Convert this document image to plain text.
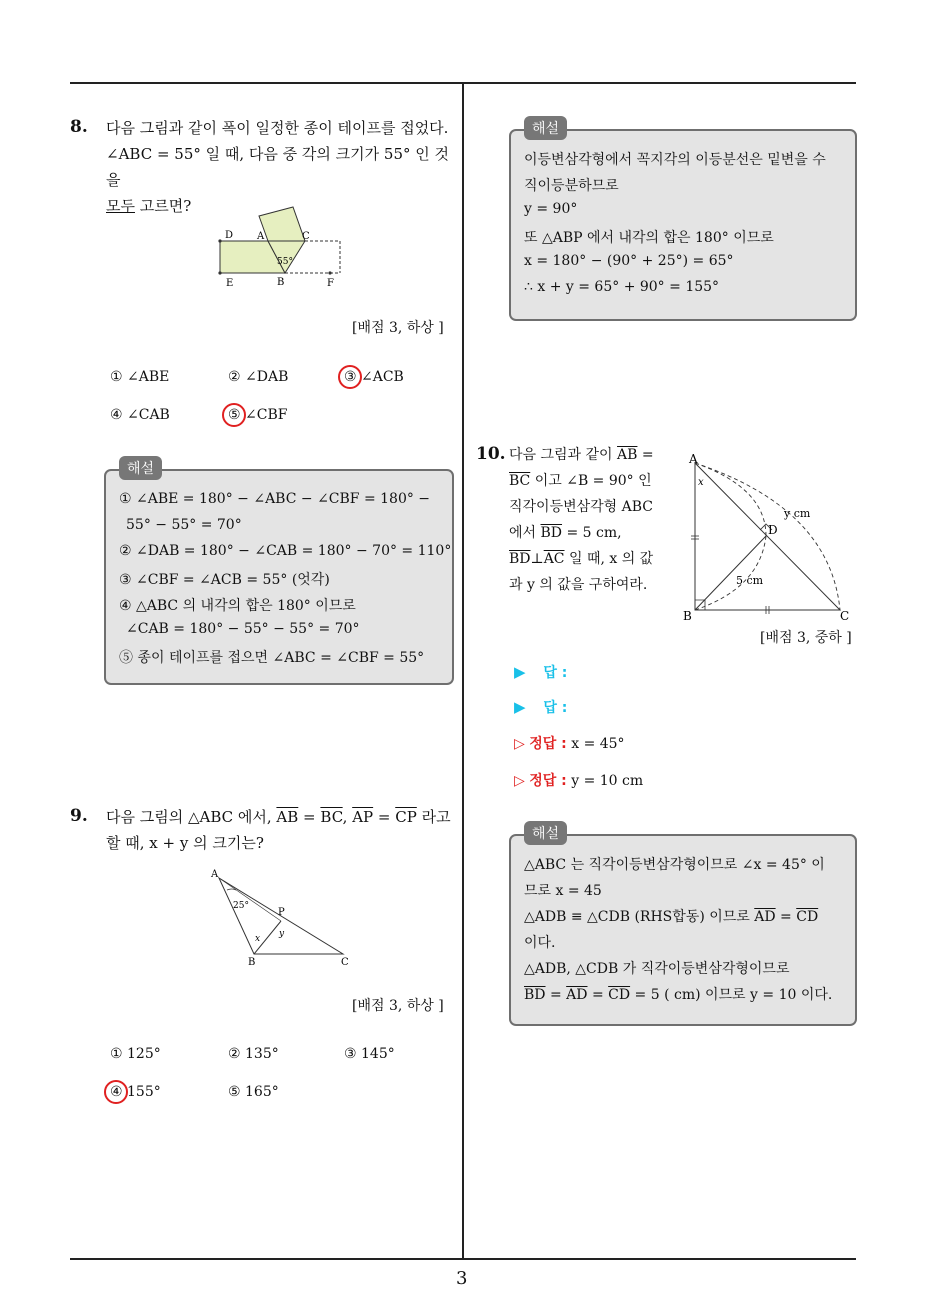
3
8. 다음 그림과 같이 폭이 일정한 종이 테이프를 접었다.

∠ABC = 55° 일 때, 다음 중 각의 크기가 55° 인 것을

모두 고르면?

D A	C
55°
E	B	F
[배점 3, 하상 ]
① ∠ABE	② ∠DAB	③ ∠ACB
④ ∠CAB	⑤ ∠CBF
① ∠ABE = 180° − ∠ABC − ∠CBF = 180° −
55° − 55° = 70°
② ∠DAB = 180° − ∠CAB = 180° − 70° = 110°
③ ∠CBF = ∠ACB = 55° (엇각)
④ △ABC 의 내각의 합은 180° 이므로
∠CAB = 180° − 55° − 55° = 70°
⑤ 종이 테이프를 접으면 ∠ABC = ∠CBF = 55°
해설
9. 다음 그림의 △ABC 에서, $\overline{AB} = \overline{BC}$, $\overline{AP} = \overline{CP}$ 라고

할 때, x + y 의 크기는?

A
25°
P
x y
B	C
[배점 3, 하상 ]
① 125°	② 135°	③ 145°
④ 155°	⑤ 165°
이등변삼각형에서 꼭지각의 이등분선은 밑변을 수
직이등분하므로
y = 90°
또 △ABP 에서 내각의 합은 180° 이므로
x = 180° − (90° + 25°) = 65°
∴ x + y = 65° + 90° = 155°
해설
10. 다음 그림과 같이 $\overline{AB}$ =

$\overline{BC}$ 이고 ∠B = 90° 인

직각이등변삼각형 ABC

에서 $\overline{BD} = 5$ cm,

$\overline{BD}\perp\overline{AC}$ 일 때, x 의 값

과 y 의 값을 구하여라.

A
x
y cm
D
5 cm
B	C
[배점 3, 중하 ]
▶ 답 :
▶ 답 :
▷ 정답 : x = 45°
▷ 정답 : y = 10 cm
△ABC 는 직각이등변삼각형이므로 ∠x = 45° 이
므로 x = 45
△ADB ≡ △CDB (RHS합동) 이므로 $\overline{AD} = \overline{CD}$
이다.
△ADB, △CDB 가 직각이등변삼각형이므로
$\overline{BD} = \overline{AD} = \overline{CD} = 5$ ( cm) 이므로 y = 10 이다.
해설
